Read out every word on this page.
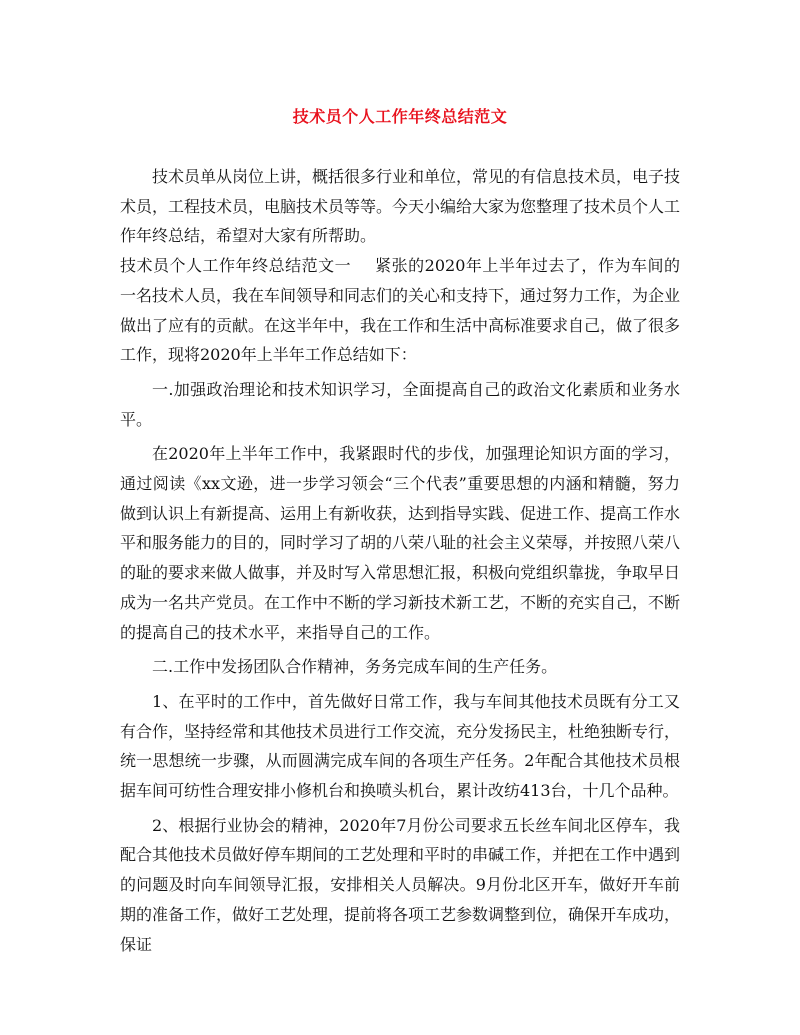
技术员个人工作年终总结范文

技术员单从岗位上讲，概括很多行业和单位，常见的有信息技术员，电子技术员，工程技术员，电脑技术员等等。今天小编给大家为您整理了技术员个人工作年终总结，希望对大家有所帮助。

技术员个人工作年终总结范文一 紧张的2020年上半年过去了，作为车间的一名技术人员，我在车间领导和同志们的关心和支持下，通过努力工作，为企业做出了应有的贡献。在这半年中，我在工作和生活中高标准要求自己，做了很多工作，现将2020年上半年工作总结如下：

一.加强政治理论和技术知识学习，全面提高自己的政治文化素质和业务水平。

在2020年上半年工作中，我紧跟时代的步伐，加强理论知识方面的学习，通过阅读《xx文逊，进一步学习领会“三个代表”重要思想的内涵和精髓，努力做到认识上有新提高、运用上有新收获，达到指导实践、促进工作、提高工作水平和服务能力的目的，同时学习了胡的八荣八耻的社会主义荣辱，并按照八荣八的耻的要求来做人做事，并及时写入常思想汇报，积极向党组织靠拢，争取早日成为一名共产党员。在工作中不断的学习新技术新工艺，不断的充实自己，不断的提高自己的技术水平，来指导自己的工作。

二.工作中发扬团队合作精神，务务完成车间的生产任务。

1、在平时的工作中，首先做好日常工作，我与车间其他技术员既有分工又有合作，坚持经常和其他技术员进行工作交流，充分发扬民主，杜绝独断专行，统一思想统一步骤，从而圆满完成车间的各项生产任务。2年配合其他技术员根据车间可纺性合理安排小修机台和换喷头机台，累计改纺413台，十几个品种。

2、根据行业协会的精神，2020年7月份公司要求五长丝车间北区停车，我配合其他技术员做好停车期间的工艺处理和平时的串碱工作，并把在工作中遇到的问题及时向车间领导汇报，安排相关人员解决。9月份北区开车，做好开车前期的准备工作，做好工艺处理，提前将各项工艺参数调整到位，确保开车成功，保证
